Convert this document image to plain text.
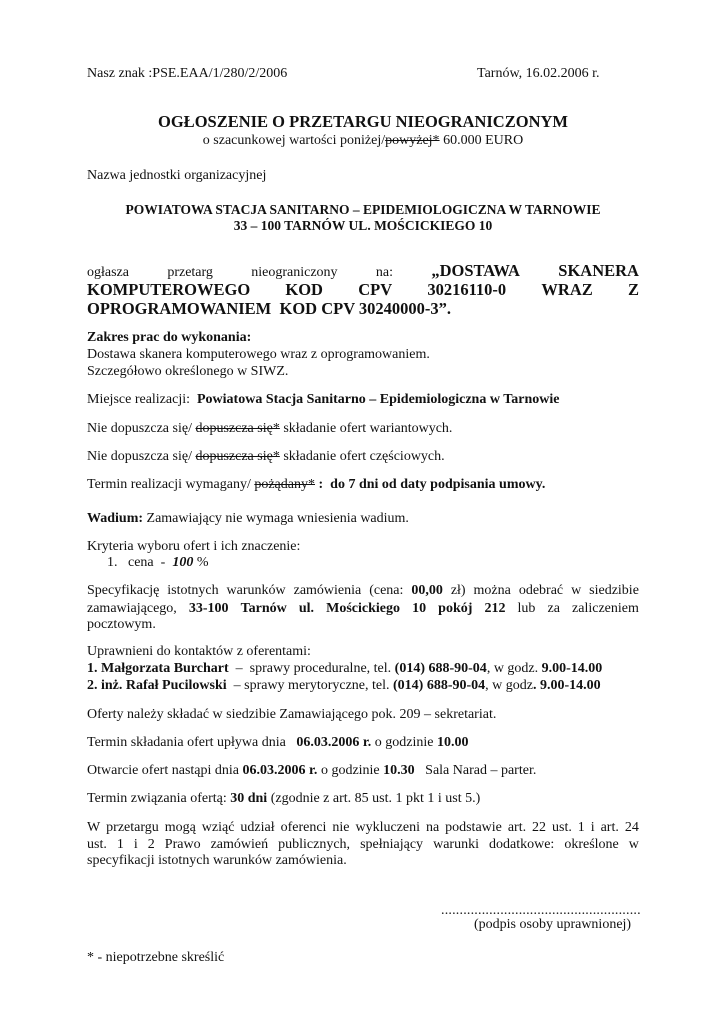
Nasz znak :PSE.EAA/1/280/2/2006	Tarnów, 16.02.2006 r.
OGŁOSZENIE O PRZETARGU NIEOGRANICZONYM
o szacunkowej wartości poniżej/powyżej* 60.000 EURO
Nazwa jednostki organizacyjnej
POWIATOWA STACJA SANITARNO – EPIDEMIOLOGICZNA W TARNOWIE
33 – 100 TARNÓW UL. MOŚCICKIEGO 10
ogłasza	przetarg	nieograniczony	na: „DOSTAWA SKANERA
KOMPUTEROWEGO KOD CPV 30216110-0 WRAZ Z
OPROGRAMOWANIEM  KOD CPV 30240000-3”.
Zakres prac do wykonania:
Dostawa skanera komputerowego wraz z oprogramowaniem.
Szczegółowo określonego w SIWZ.
Miejsce realizacji:  Powiatowa Stacja Sanitarno – Epidemiologiczna w Tarnowie
Nie dopuszcza się/ dopuszcza się* składanie ofert wariantowych.
Nie dopuszcza się/ dopuszcza się* składanie ofert częściowych.
Termin realizacji wymagany/ pożądany* :  do 7 dni od daty podpisania umowy.
Wadium: Zamawiający nie wymaga wniesienia wadium.
Kryteria wyboru ofert i ich znaczenie:
1.   cena  -  100 %
Specyfikację istotnych warunków zamówienia (cena: 00,00 zł) można odebrać w siedzibie
zamawiającego, 33-100 Tarnów ul. Mościckiego 10 pokój 212 lub za zaliczeniem
pocztowym.
Uprawnieni do kontaktów z oferentami:
1. Małgorzata Burchart  –  sprawy proceduralne, tel. (014) 688-90-04, w godz. 9.00-14.00
2. inż. Rafał Pucilowski  – sprawy merytoryczne, tel. (014) 688-90-04, w godz. 9.00-14.00
Oferty należy składać w siedzibie Zamawiającego pok. 209 – sekretariat.
Termin składania ofert upływa dnia   06.03.2006 r. o godzinie 10.00
Otwarcie ofert nastąpi dnia 06.03.2006 r. o godzinie 10.30   Sala Narad – parter.
Termin związania ofertą: 30 dni (zgodnie z art. 85 ust. 1 pkt 1 i ust 5.)
W przetargu mogą wziąć udział oferenci nie wykluczeni na podstawie art. 22 ust. 1 i art. 24
ust. 1 i 2 Prawo zamówień publicznych, spełniający warunki dodatkowe: określone w
specyfikacji istotnych warunków zamówienia.
......................................................
(podpis osoby uprawnionej)
* - niepotrzebne skreślić
